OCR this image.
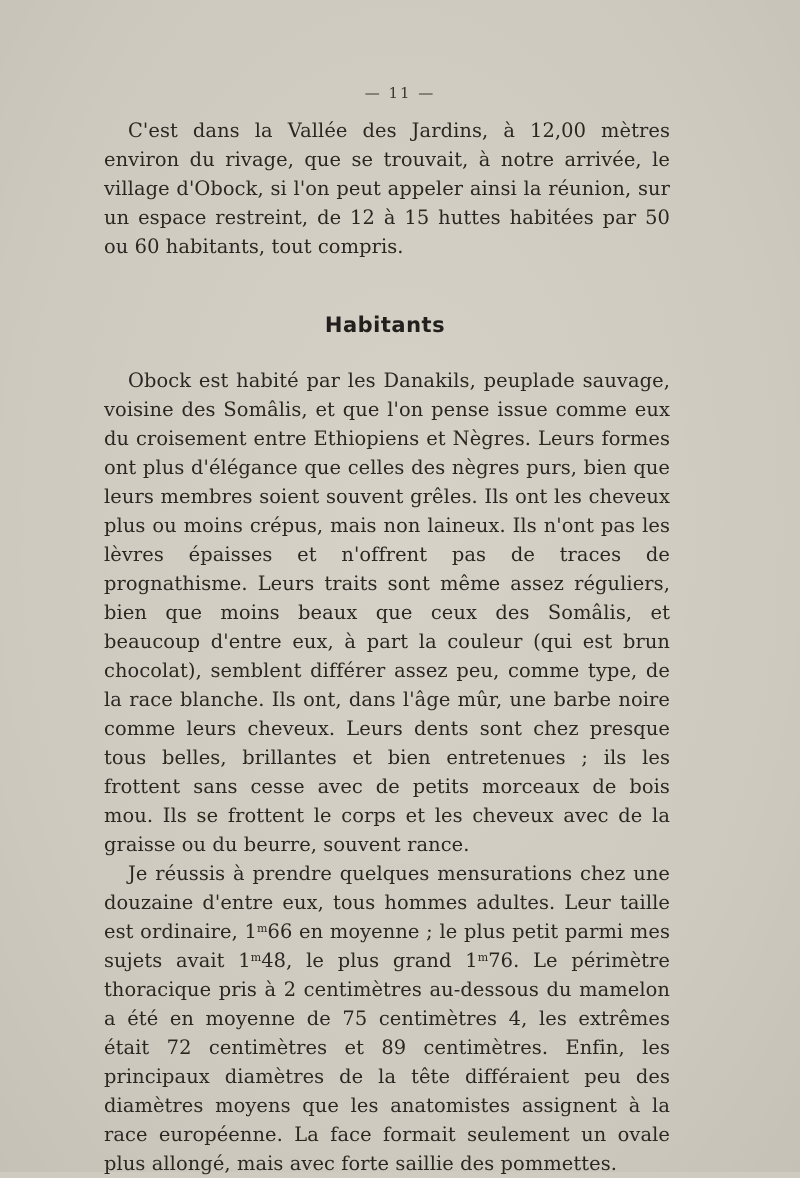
— 11 —

C'est dans la Vallée des Jardins, à 12,00 mètres environ du rivage, que se trouvait, à notre arrivée, le village d'Obock, si l'on peut appeler ainsi la réunion, sur un espace restreint, de 12 à 15 huttes habitées par 50 ou 60 habitants, tout compris.

Habitants

Obock est habité par les Danakils, peuplade sauvage, voisine des Somâlis, et que l'on pense issue comme eux du croisement entre Ethiopiens et Nègres. Leurs formes ont plus d'élégance que celles des nègres purs, bien que leurs membres soient souvent grêles. Ils ont les cheveux plus ou moins crépus, mais non laineux. Ils n'ont pas les lèvres épaisses et n'offrent pas de traces de prognathisme. Leurs traits sont même assez réguliers, bien que moins beaux que ceux des Somâlis, et beaucoup d'entre eux, à part la couleur (qui est brun chocolat), semblent différer assez peu, comme type, de la race blanche. Ils ont, dans l'âge mûr, une barbe noire comme leurs cheveux. Leurs dents sont chez presque tous belles, brillantes et bien entretenues ; ils les frottent sans cesse avec de petits morceaux de bois mou. Ils se frottent le corps et les cheveux avec de la graisse ou du beurre, souvent rance.

Je réussis à prendre quelques mensurations chez une douzaine d'entre eux, tous hommes adultes. Leur taille est ordinaire, 1$^m$66 en moyenne ; le plus petit parmi mes sujets avait 1$^m$48, le plus grand 1$^m$76. Le périmètre thoracique pris à 2 centimètres au-dessous du mamelon a été en moyenne de 75 centimètres 4, les extrêmes était 72 centimètres et 89 centimètres. Enfin, les principaux diamètres de la tête différaient peu des diamètres moyens que les anatomistes assignent à la race européenne. La face formait seulement un ovale plus allongé, mais avec forte saillie des pommettes.
